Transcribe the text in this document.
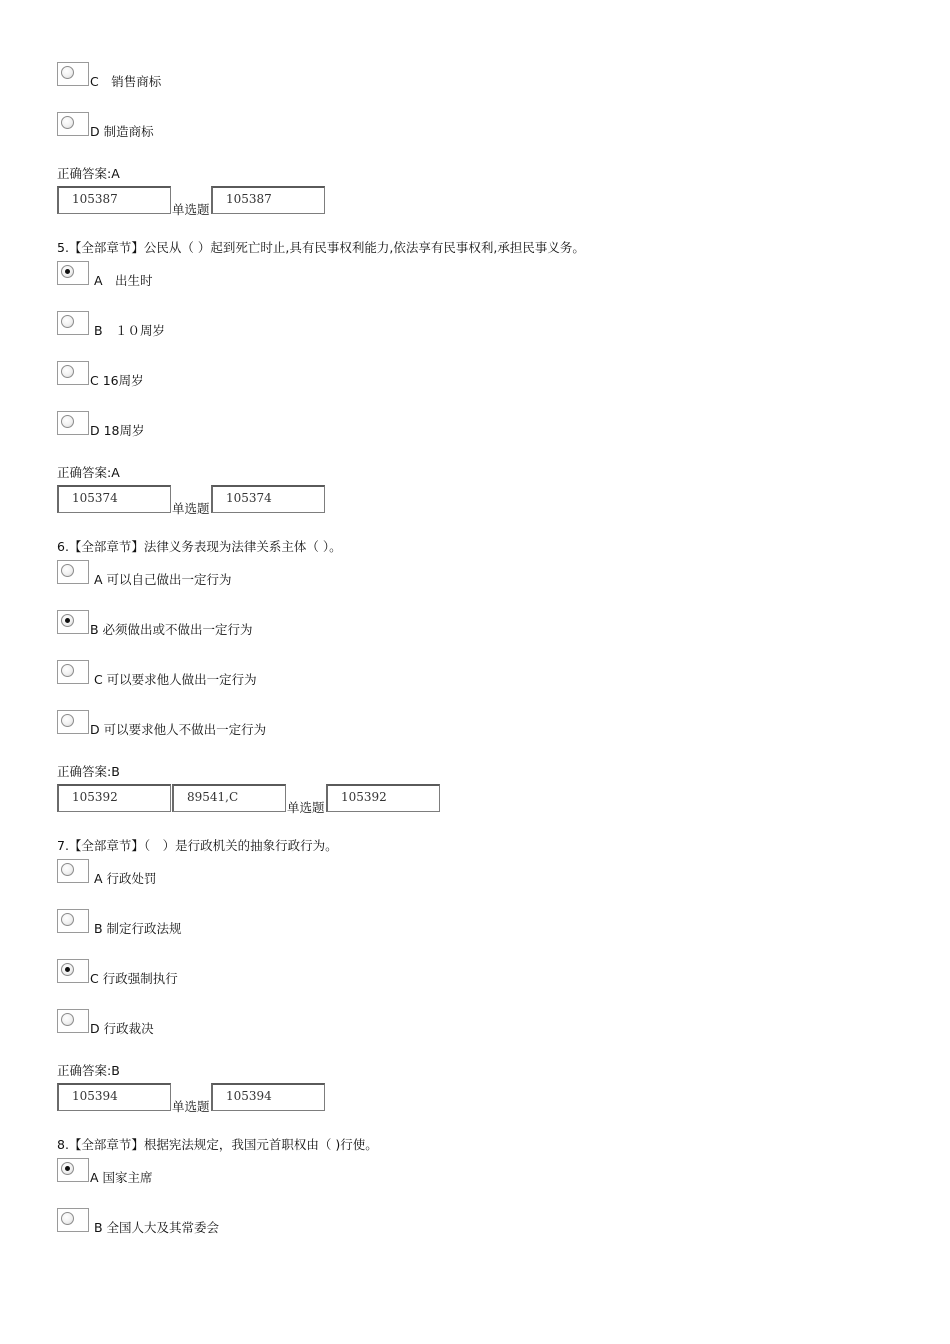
C　销售商标
D 制造商标
正确答案:A
105387
单选题
105387
5.【全部章节】公民从（ ）起到死亡时止,具有民事权利能力,依法享有民事权利,承担民事义务。
A　出生时
B　１０周岁
C 16周岁
D 18周岁
正确答案:A
105374
单选题
105374
6.【全部章节】法律义务表现为法律关系主体（ ）。
A 可以自己做出一定行为
B 必须做出或不做出一定行为
C 可以要求他人做出一定行为
D 可以要求他人不做出一定行为
正确答案:B
105392	89541,C
单选题
105392
7.【全部章节】（　）是行政机关的抽象行政行为。
A 行政处罚
B 制定行政法规
C 行政强制执行
D 行政裁决
正确答案:B
105394
单选题
105394
8.【全部章节】根据宪法规定，我国元首职权由（ )行使。
A 国家主席
B 全国人大及其常委会
